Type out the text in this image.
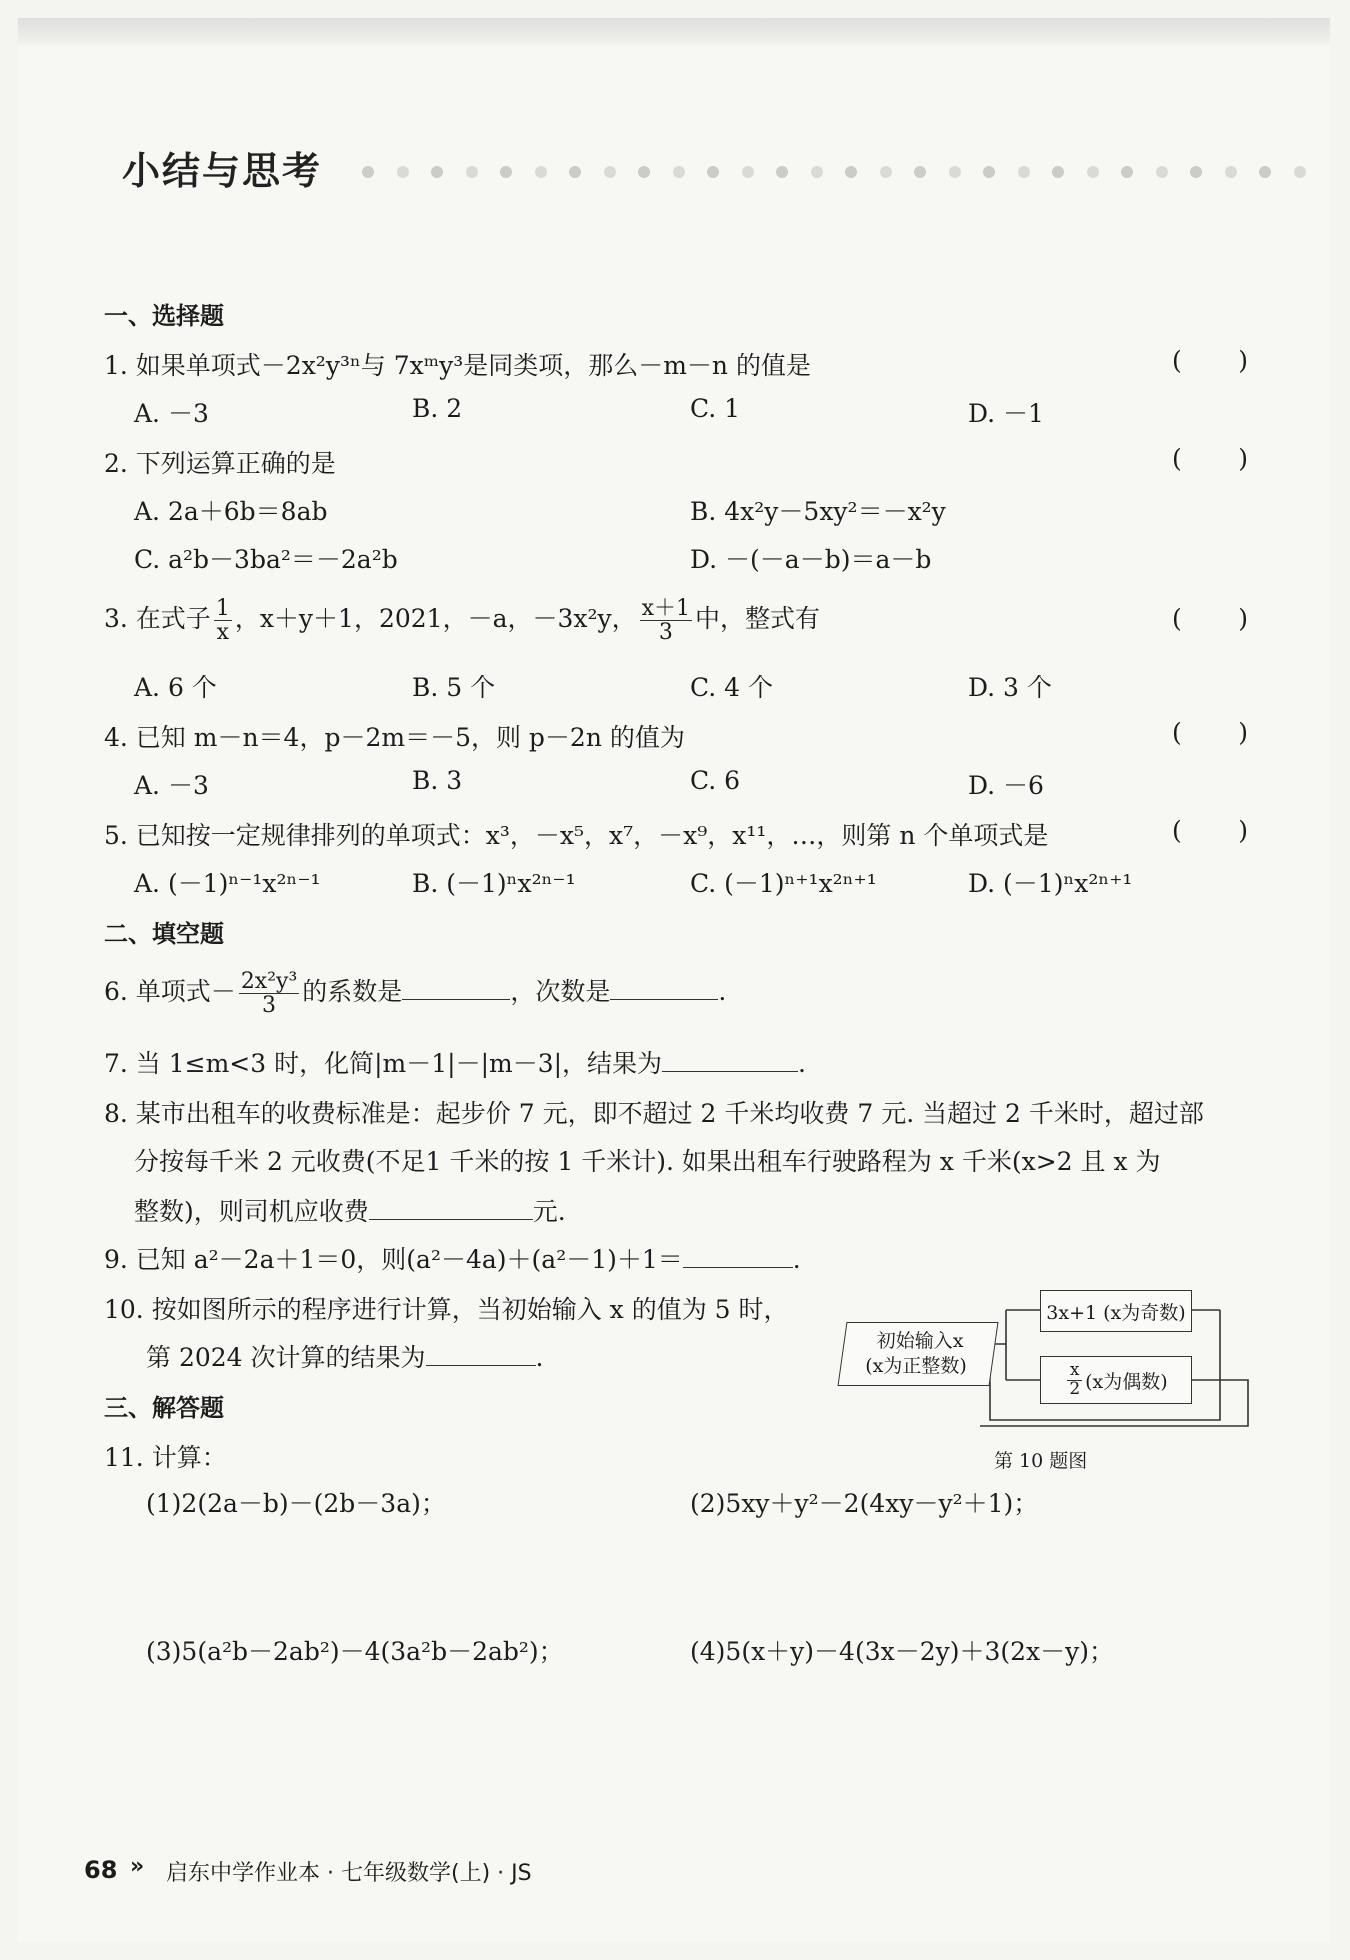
小结与思考
一、选择题
1. 如果单项式－2x²y³ⁿ与 7xᵐy³是同类项，那么－m－n 的值是	( )
A. －3	B. 2	C. 1	D. －1
2. 下列运算正确的是	( )
A. 2a＋6b＝8ab	B. 4x²y－5xy²＝－x²y
C. a²b－3ba²＝－2a²b	D. －(－a－b)＝a－b
3. 在式子 $\frac{1}{x}$ ，x＋y＋1，2021，－a，－3x²y， $\frac{x+1}{3}$ 中，整式有	( )
A. 6 个	B. 5 个	C. 4 个	D. 3 个
4. 已知 m－n＝4，p－2m＝－5，则 p－2n 的值为	( )
A. －3	B. 3	C. 6	D. －6
5. 已知按一定规律排列的单项式：x³，－x⁵，x⁷，－x⁹，x¹¹，…，则第 n 个单项式是	( )
A. (－1)ⁿ⁻¹x²ⁿ⁻¹	B. (－1)ⁿx²ⁿ⁻¹	C. (－1)ⁿ⁺¹x²ⁿ⁺¹	D. (－1)ⁿx²ⁿ⁺¹
二、填空题
6. 单项式－ $\frac{\text{2x²y³}}{3}$ 的系数是	，次数是	.
7. 当 1≤m<3 时，化简|m－1|－|m－3|，结果为	.
8. 某市出租车的收费标准是：起步价 7 元，即不超过 2 千米均收费 7 元. 当超过 2 千米时，超过部
分按每千米 2 元收费(不足1 千米的按 1 千米计). 如果出租车行驶路程为 x 千米(x>2 且 x 为
整数)，则司机应收费	元.
9. 已知 a²－2a＋1＝0，则(a²－4a)＋(a²－1)＋1＝	.
10. 按如图所示的程序进行计算，当初始输入 x 的值为 5 时，
第 2024 次计算的结果为	.
初始输入x
(x为正整数)
3x+1 (x为奇数)
$\frac{x}{2} (x$为偶数)
第 10 题图
三、解答题
11. 计算：
(1)2(2a－b)－(2b－3a)；	(2)5xy＋y²－2(4xy－y²＋1)；
(3)5(a²b－2ab²)－4(3a²b－2ab²)；	(4)5(x＋y)－4(3x－2y)＋3(2x－y)；
68 » 启东中学作业本 · 七年级数学(上) · JS
